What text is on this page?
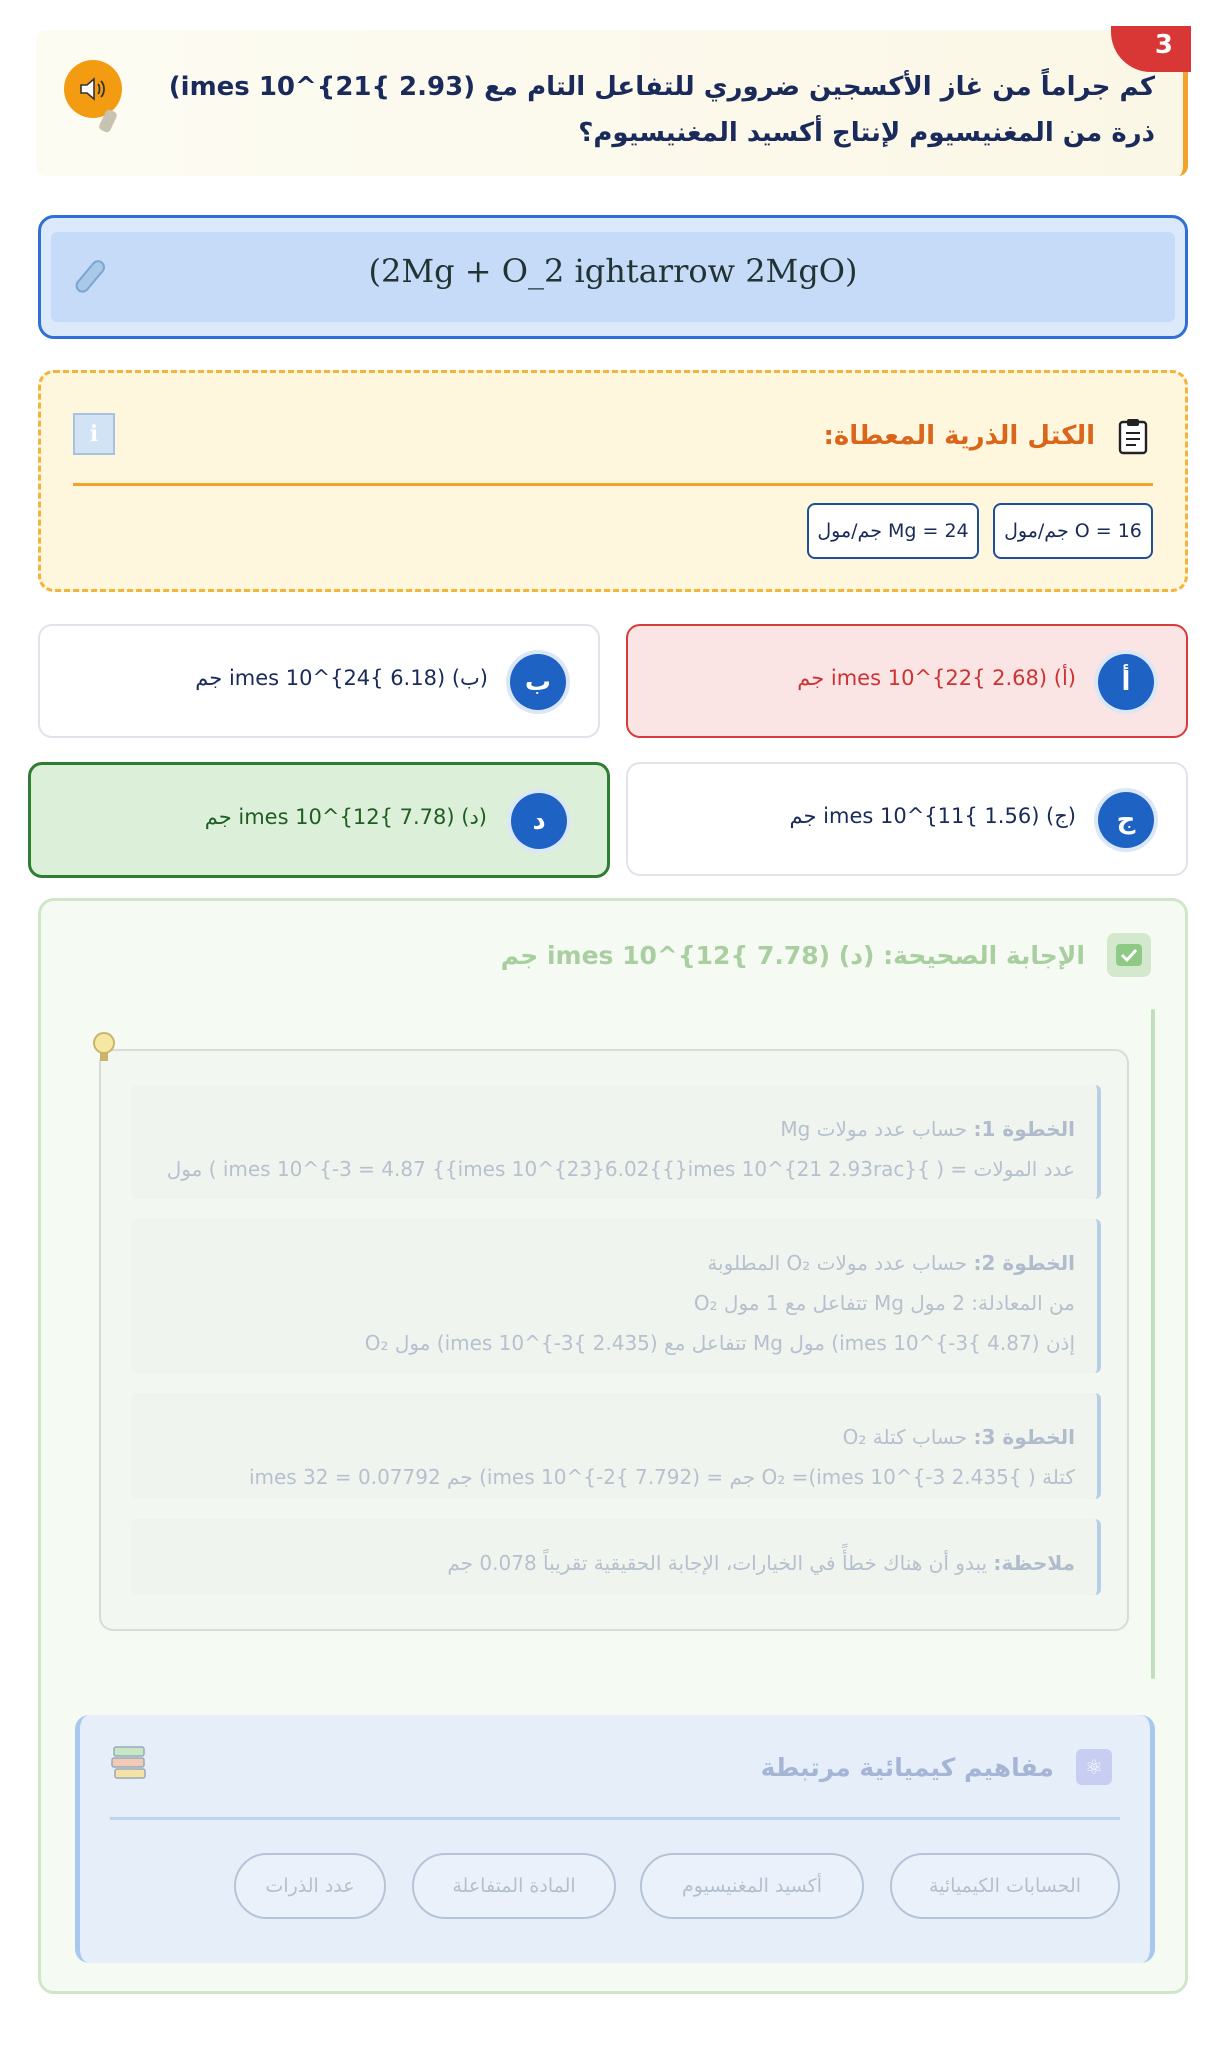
3
كم جراماً من غاز الأكسجين ضروري للتفاعل التام مع (imes 10^{21{ 2.93) ذرة من المغنيسيوم لإنتاج أكسيد المغنيسيوم؟
(2Mg + O_2 ightarrow 2MgO)
الكتل الذرية المعطاة:
i
O = 16 جم/مول
Mg = 24 جم/مول
أ
(أ) (imes 10^{22{ 2.68 جم
ب
(ب) (imes 10^{24{ 6.18 جم
ج
(ج) (imes 10^{11{ 1.56 جم
د
(د) (imes 10^{12{ 7.78 جم
الإجابة الصحيحة: (د) (imes 10^{12{ 7.78 جم
الخطوة 1: حساب عدد مولات Mg
عدد المولات = ( }imes 10^{-3 = 4.87 {{imes 10^{23}6.02{{}imes 10^{21 2.93rac} ) مول
الخطوة 2: حساب عدد مولات O₂ المطلوبة
من المعادلة: 2 مول Mg تتفاعل مع 1 مول O₂
إذن (imes 10^{-3{ 4.87) مول Mg تتفاعل مع (imes 10^{-3{ 2.435) مول O₂
الخطوة 3: حساب كتلة O₂
كتلة ( }imes 10^{-3 2.435)= O₂ جم = (imes 10^{-2{ 7.792) جم imes 32 = 0.07792
ملاحظة: يبدو أن هناك خطأً في الخيارات، الإجابة الحقيقية تقريباً 0.078 جم
⚛
مفاهيم كيميائية مرتبطة
الحسابات الكيميائية
أكسيد المغنيسيوم
المادة المتفاعلة
عدد الذرات
